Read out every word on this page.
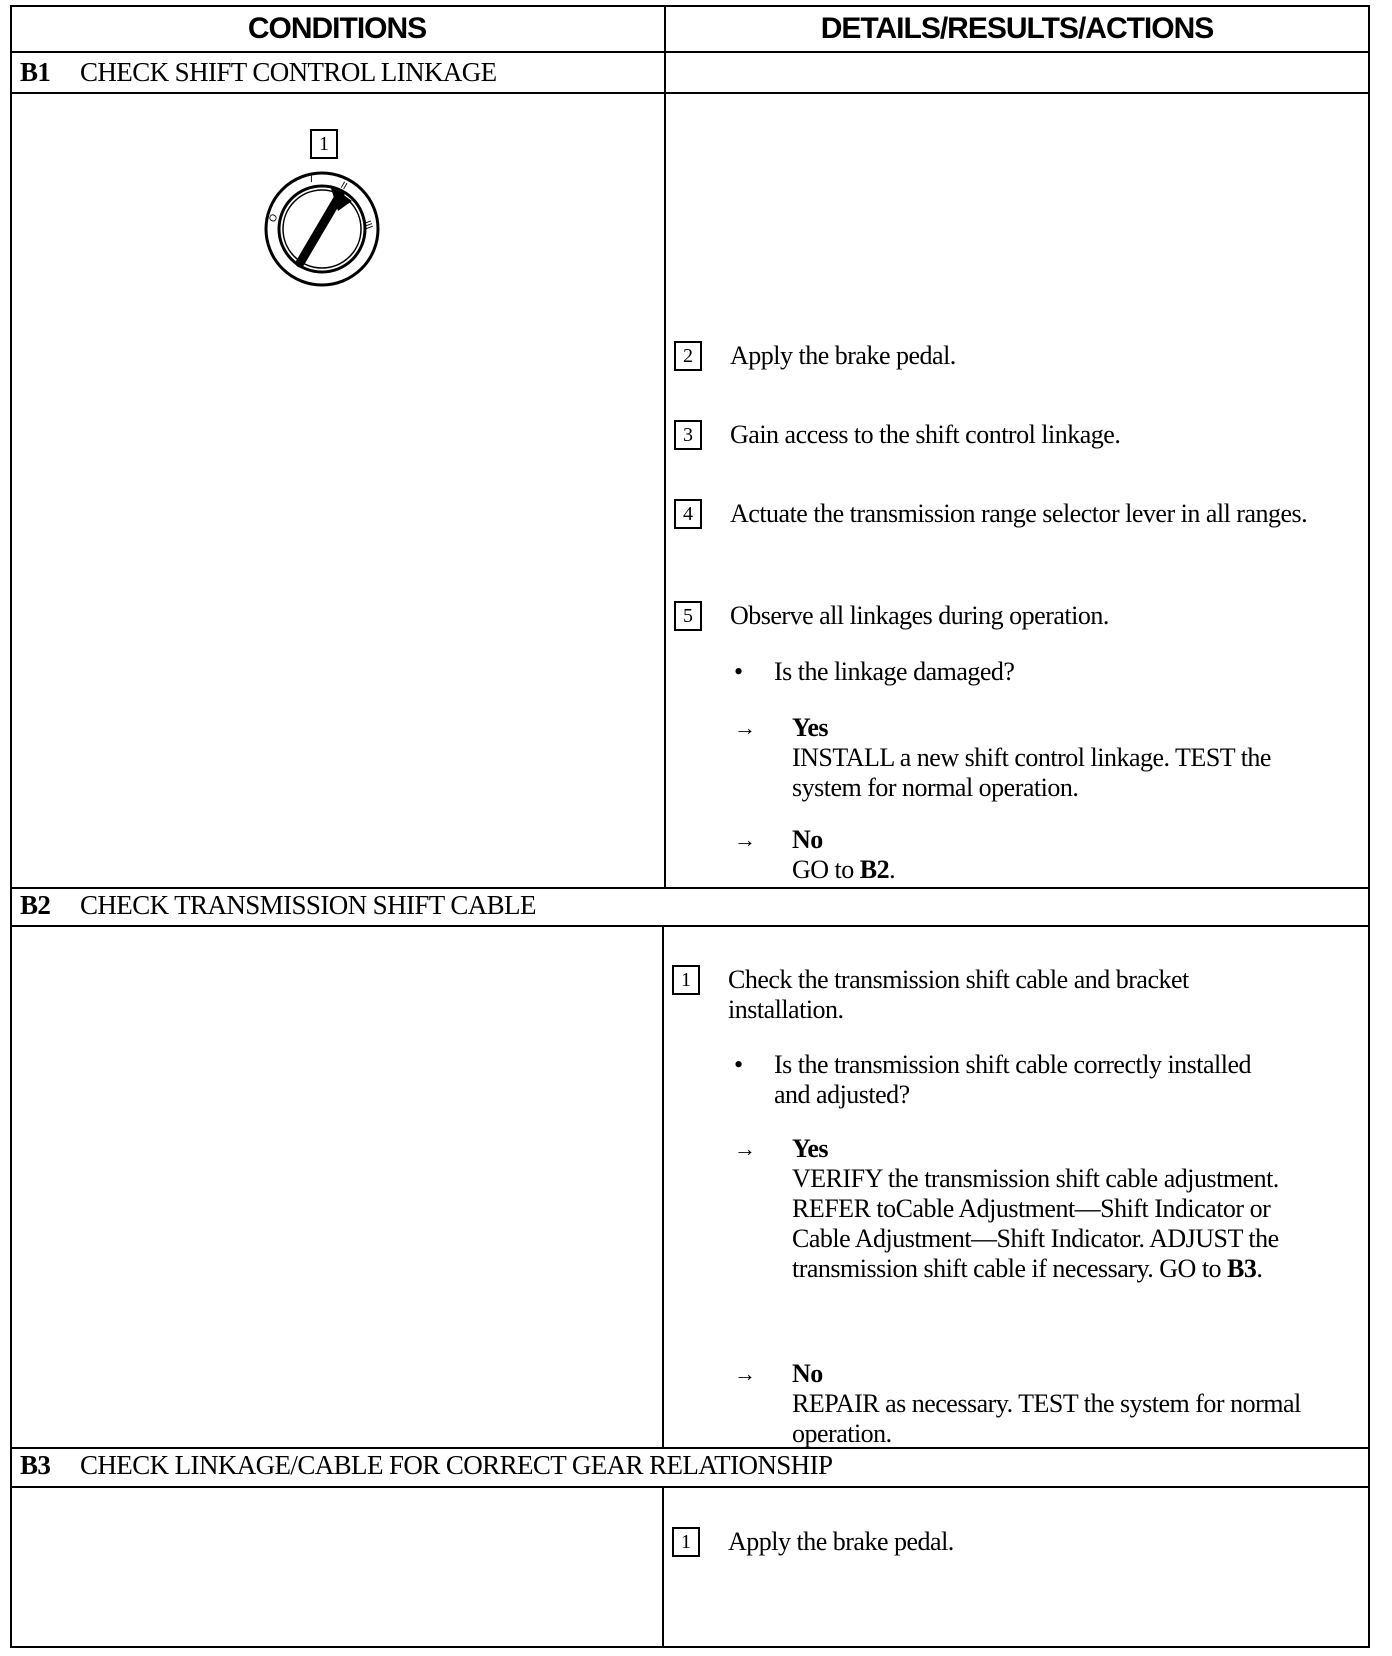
CONDITIONS	DETAILS/RESULTS/ACTIONS
B1 CHECK SHIFT CONTROL LINKAGE
1
O
I
II
III
2	Apply the brake pedal.
3	Gain access to the shift control linkage.
4	Actuate the transmission range selector lever in all ranges.
5	Observe all linkages during operation.
• Is the linkage damaged?
→ Yes
INSTALL a new shift control linkage. TEST the system for normal operation.
→ No
GO to B2.
B2 CHECK TRANSMISSION SHIFT CABLE
1	Check the transmission shift cable and bracket installation.
• Is the transmission shift cable correctly installed and adjusted?
→ Yes
VERIFY the transmission shift cable adjustment. REFER toCable Adjustment—Shift Indicator or Cable Adjustment—Shift Indicator. ADJUST the transmission shift cable if necessary. GO to B3.
→ No
REPAIR as necessary. TEST the system for normal operation.
B3 CHECK LINKAGE/CABLE FOR CORRECT GEAR RELATIONSHIP
1	Apply the brake pedal.
